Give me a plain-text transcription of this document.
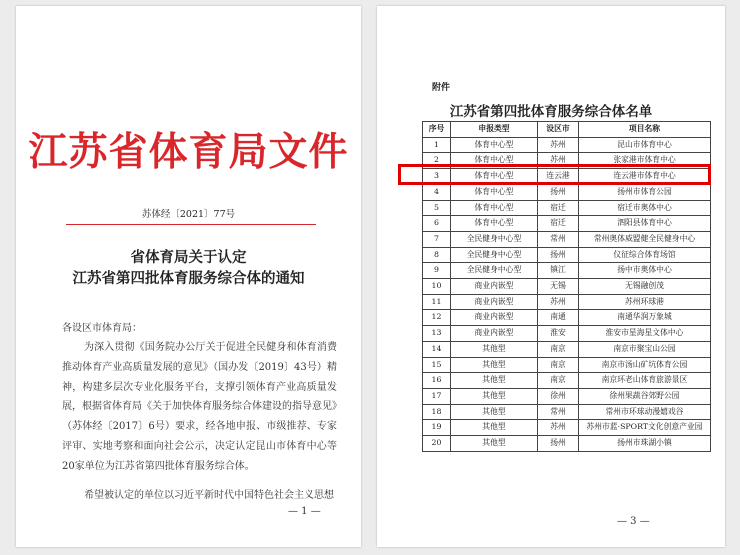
江苏省体育局文件
苏体经〔2021〕77号
省体育局关于认定
江苏省第四批体育服务综合体的通知
各设区市体育局：
为深入贯彻《国务院办公厅关于促进全民健身和体育消费推动体育产业高质量发展的意见》（国办发〔2019〕43号）精神，构建多层次专业化服务平台，支撑引领体育产业高质量发展，根据省体育局《关于加快体育服务综合体建设的指导意见》（苏体经〔2017〕6号）要求，经各地申报、市级推荐、专家评审、实地考察和面向社会公示，决定认定昆山市体育中心等20家单位为江苏省第四批体育服务综合体。
希望被认定的单位以习近平新时代中国特色社会主义思想
— 1 —
附件
江苏省第四批体育服务综合体名单
序号	申报类型	设区市	项目名称
1	体育中心型	苏州	昆山市体育中心
2	体育中心型	苏州	张家港市体育中心
3	体育中心型	连云港	连云港市体育中心
4	体育中心型	扬州	扬州市体育公园
5	体育中心型	宿迁	宿迁市奥体中心
6	体育中心型	宿迁	泗阳县体育中心
7	全民健身中心型	常州	常州奥体威盟健全民健身中心
8	全民健身中心型	扬州	仪征综合体育场馆
9	全民健身中心型	镇江	扬中市奥体中心
10	商业内嵌型	无锡	无锡融创茂
11	商业内嵌型	苏州	苏州环球港
12	商业内嵌型	南通	南通华润万象城
13	商业内嵌型	淮安	淮安市星海星文体中心
14	其他型	南京	南京市聚宝山公园
15	其他型	南京	南京市汤山矿坑体育公园
16	其他型	南京	南京环老山体育旅游景区
17	其他型	徐州	徐州果蔬谷郊野公园
18	其他型	常州	常州市环球动漫嬉戏谷
19	其他型	苏州	苏州市蓝·SPORT文化创意产业园
20	其他型	扬州	扬州市珠湖小镇
— 3 —
